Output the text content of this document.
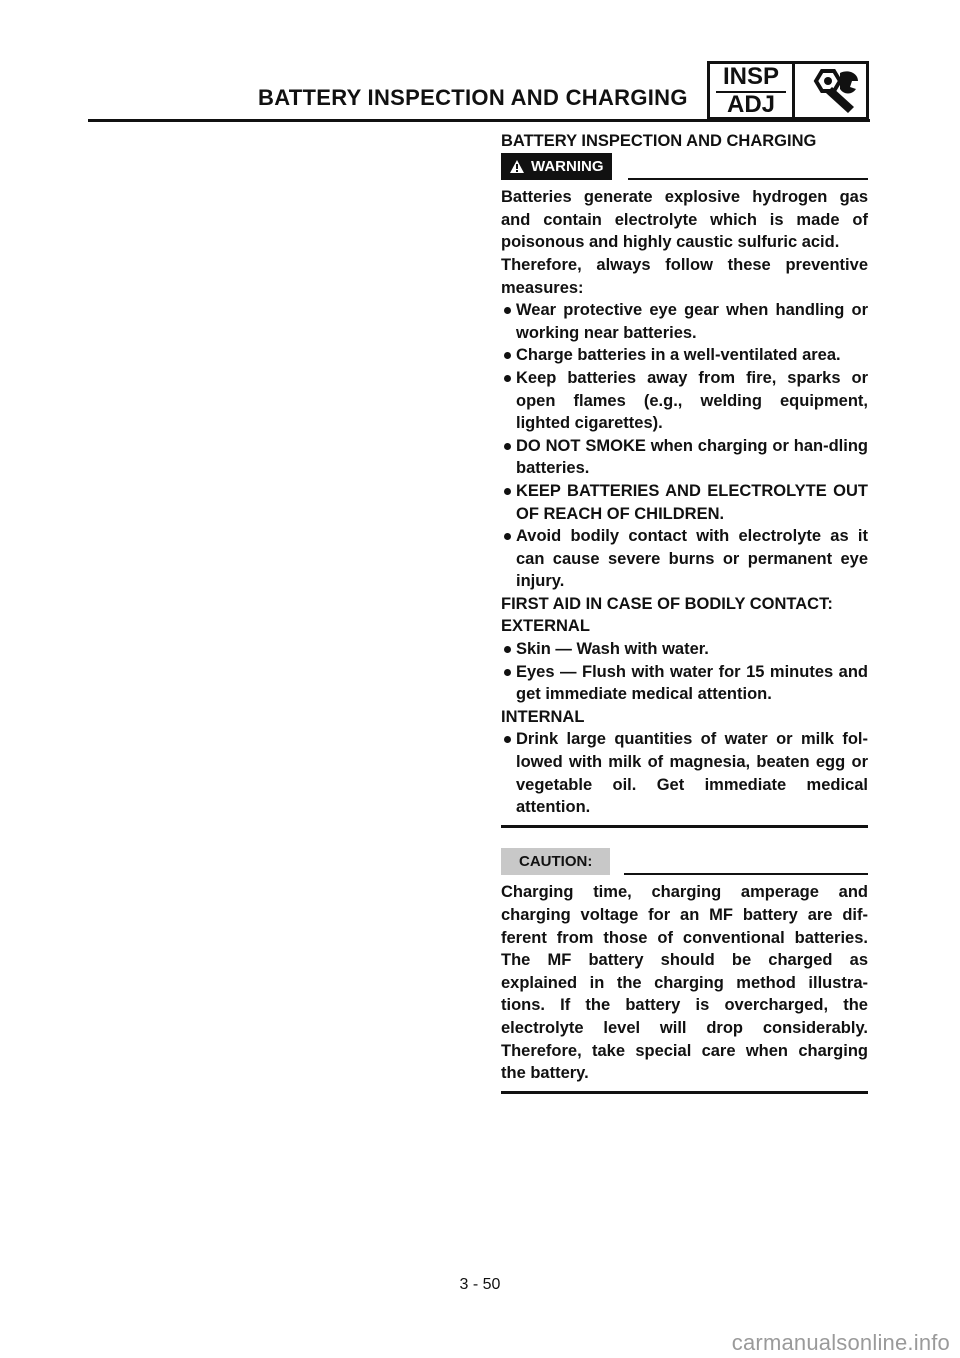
BATTERY INSPECTION AND CHARGING
INSP
ADJ

BATTERY INSPECTION AND CHARGING

WARNING

Batteries generate explosive hydrogen gas and contain electrolyte which is made of poisonous and highly caustic sulfuric acid.

Therefore, always follow these preventive measures:

Wear protective eye gear when handling or working near batteries.
Charge batteries in a well-ventilated area.
Keep batteries away from fire, sparks or open flames (e.g., welding equipment, lighted cigarettes).
DO NOT SMOKE when charging or han-dling batteries.
KEEP BATTERIES AND ELECTROLYTE OUT OF REACH OF CHILDREN.
Avoid bodily contact with electrolyte as it can cause severe burns or permanent eye injury.

FIRST AID IN CASE OF BODILY CONTACT:

EXTERNAL

Skin — Wash with water.
Eyes — Flush with water for 15 minutes and get immediate medical attention.

INTERNAL

Drink large quantities of water or milk fol-lowed with milk of magnesia, beaten egg or vegetable oil. Get immediate medical attention.
CAUTION:

Charging time, charging amperage and charging voltage for an MF battery are dif-ferent from those of conventional batteries. The MF battery should be charged as explained in the charging method illustra-tions. If the battery is overcharged, the electrolyte level will drop considerably. Therefore, take special care when charging the battery.

3 - 50
carmanualsonline.info
